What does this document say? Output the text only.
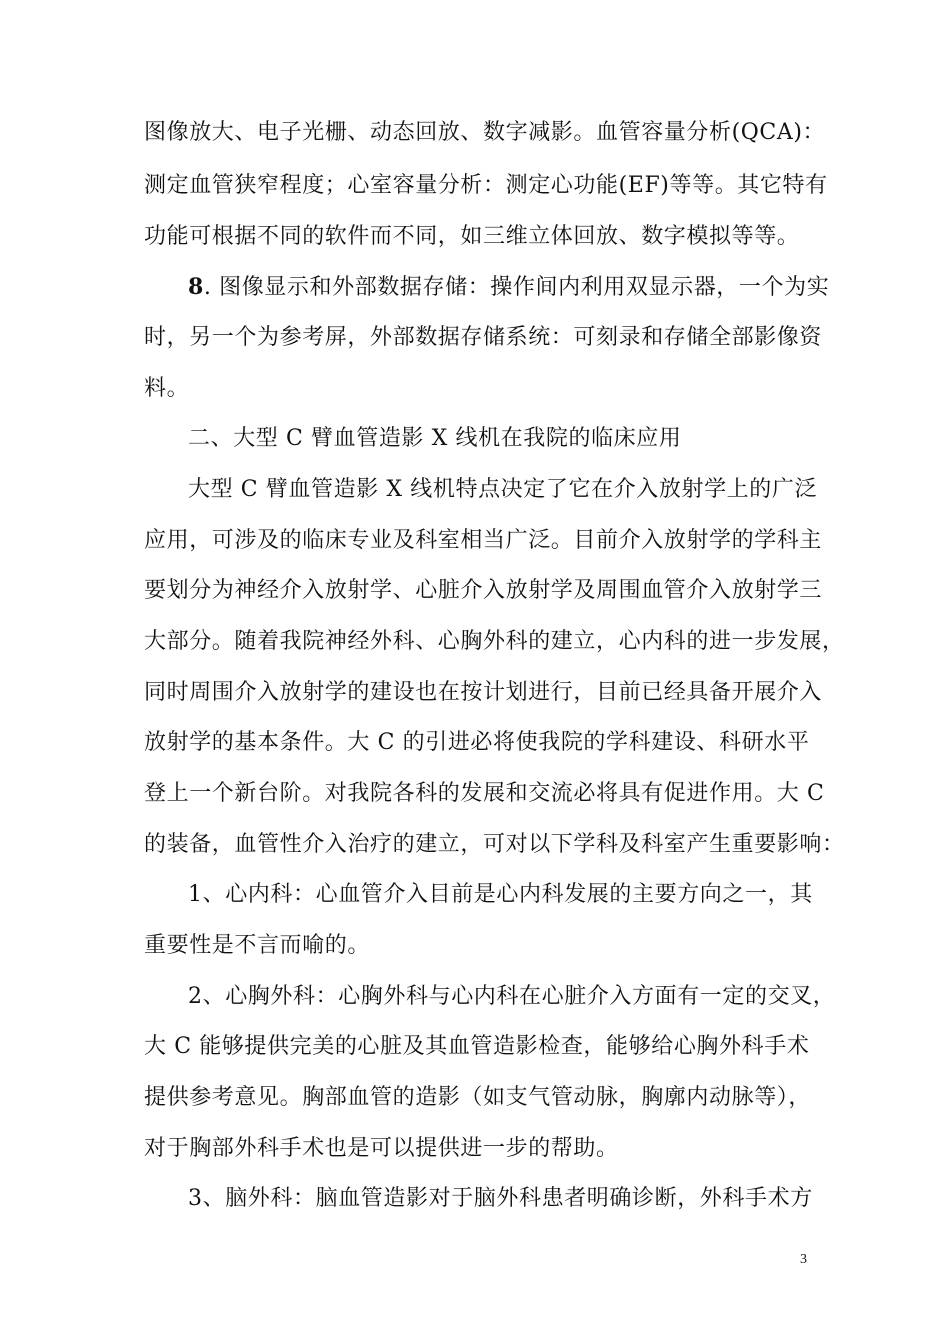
图像放大、电子光栅、动态回放、数字减影。血管容量分析(QCA)：
测定血管狭窄程度；心室容量分析：测定心功能(EF)等等。其它特有
功能可根据不同的软件而不同，如三维立体回放、数字模拟等等。
8. 图像显示和外部数据存储：操作间内利用双显示器，一个为实
时，另一个为参考屏，外部数据存储系统：可刻录和存储全部影像资
料。
二、大型 C 臂血管造影 X 线机在我院的临床应用
大型 C 臂血管造影 X 线机特点决定了它在介入放射学上的广泛
应用，可涉及的临床专业及科室相当广泛。目前介入放射学的学科主
要划分为神经介入放射学、心脏介入放射学及周围血管介入放射学三
大部分。随着我院神经外科、心胸外科的建立，心内科的进一步发展，
同时周围介入放射学的建设也在按计划进行，目前已经具备开展介入
放射学的基本条件。大 C 的引进必将使我院的学科建设、科研水平
登上一个新台阶。对我院各科的发展和交流必将具有促进作用。大 C
的装备，血管性介入治疗的建立，可对以下学科及科室产生重要影响：
1、心内科：心血管介入目前是心内科发展的主要方向之一，其
重要性是不言而喻的。
2、心胸外科：心胸外科与心内科在心脏介入方面有一定的交叉，
大 C 能够提供完美的心脏及其血管造影检查，能够给心胸外科手术
提供参考意见。胸部血管的造影（如支气管动脉，胸廓内动脉等），
对于胸部外科手术也是可以提供进一步的帮助。
3、脑外科：脑血管造影对于脑外科患者明确诊断，外科手术方
3
